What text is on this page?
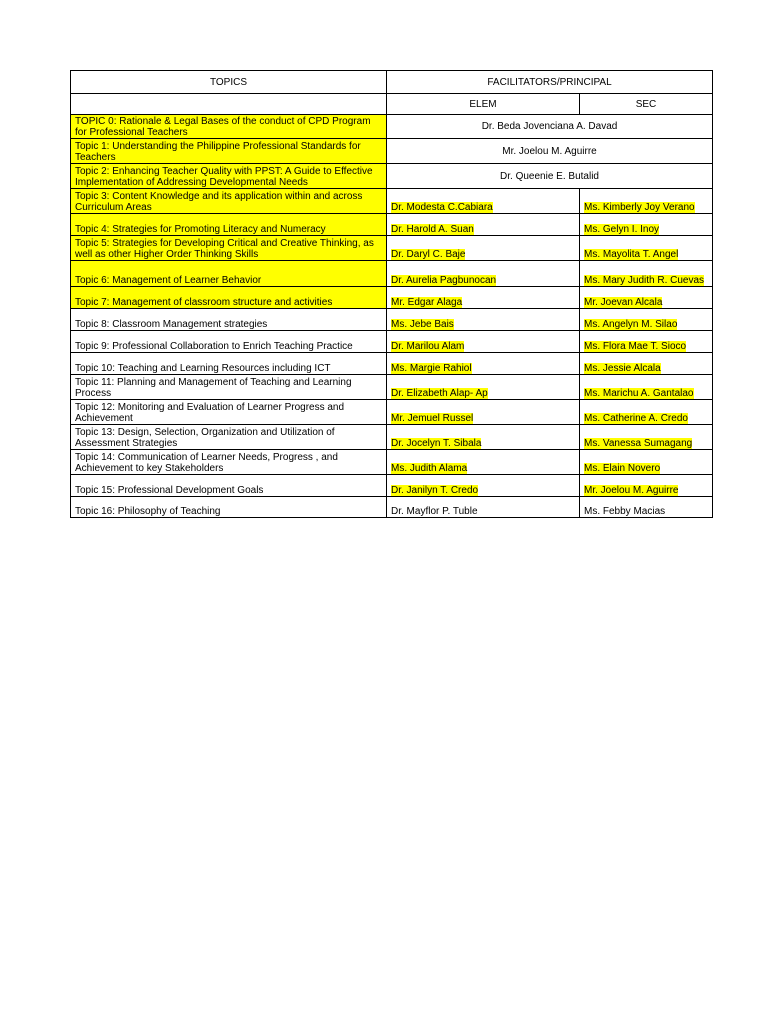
TOPICS	FACILITATORS/PRINCIPAL	
	ELEM	SEC
TOPIC 0: Rationale & Legal Bases of the conduct of CPD Program for Professional Teachers	Dr. Beda Jovenciana A. Davad	
Topic 1: Understanding the Philippine Professional Standards for Teachers	Mr. Joelou M. Aguirre	
Topic 2: Enhancing Teacher Quality with PPST: A Guide to Effective Implementation of Addressing Developmental Needs	Dr. Queenie E. Butalid	
Topic 3: Content Knowledge and its application within and across Curriculum Areas	Dr. Modesta C.Cabiara	Ms. Kimberly Joy Verano
Topic 4: Strategies for Promoting Literacy and Numeracy	Dr. Harold A. Suan	Ms. Gelyn I. Inoy
Topic 5: Strategies for Developing Critical and Creative Thinking, as well as other Higher Order Thinking Skills	Dr. Daryl C. Baje	Ms. Mayolita T. Angel
Topic 6: Management of Learner Behavior	Dr. Aurelia Pagbunocan	Ms. Mary Judith R. Cuevas
Topic 7: Management of classroom structure and activities	Mr. Edgar Alaga	Mr. Joevan Alcala
Topic 8: Classroom Management strategies	Ms. Jebe Bais	Ms. Angelyn M. Silao
Topic 9: Professional Collaboration to Enrich Teaching Practice	Dr. Marilou Alam	Ms. Flora Mae T. Sioco
Topic 10: Teaching and Learning Resources including ICT	Ms. Margie Rahiol	Ms. Jessie Alcala
Topic 11: Planning and Management of Teaching and Learning Process	Dr. Elizabeth Alap- Ap	Ms. Marichu A. Gantalao
Topic 12: Monitoring and Evaluation of Learner Progress and Achievement	Mr. Jemuel Russel	Ms. Catherine A. Credo
Topic 13: Design, Selection, Organization and Utilization of Assessment Strategies	Dr. Jocelyn T. Sibala	Ms. Vanessa Sumagang
Topic 14: Communication of Learner Needs, Progress , and Achievement to key Stakeholders	Ms. Judith Alama	Ms. Elain Novero
Topic 15: Professional Development Goals	Dr. Janilyn T. Credo	Mr. Joelou M. Aguirre
Topic 16: Philosophy of Teaching	Dr. Mayflor P. Tuble	Ms. Febby Macias
